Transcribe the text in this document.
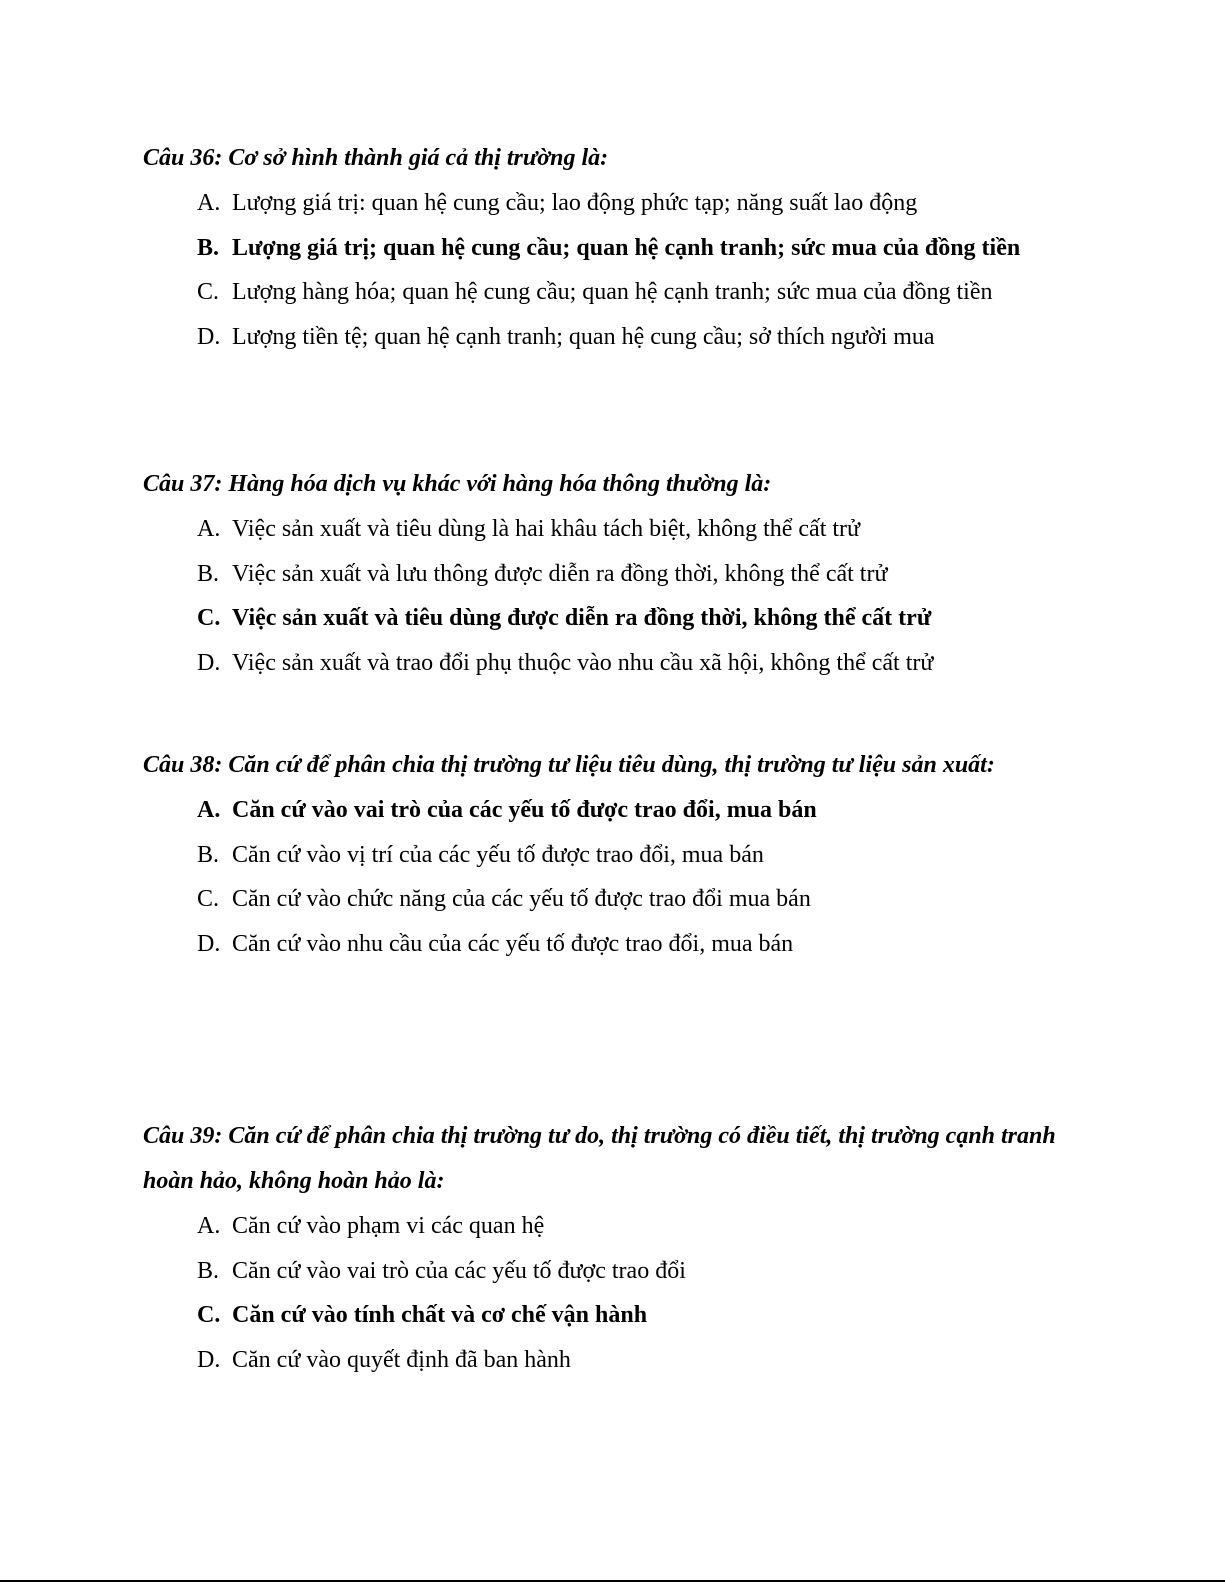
Câu 36: Cơ sở hình thành giá cả thị trường là:

A. Lượng giá trị: quan hệ cung cầu; lao động phức tạp; năng suất lao động
B. Lượng giá trị; quan hệ cung cầu; quan hệ cạnh tranh; sức mua của đồng tiền
C. Lượng hàng hóa; quan hệ cung cầu; quan hệ cạnh tranh; sức mua của đồng tiền
D. Lượng tiền tệ; quan hệ cạnh tranh; quan hệ cung cầu; sở thích người mua

Câu 37: Hàng hóa dịch vụ khác với hàng hóa thông thường là:

A. Việc sản xuất và tiêu dùng là hai khâu tách biệt, không thể cất trử
B. Việc sản xuất và lưu thông được diễn ra đồng thời, không thể cất trử
C. Việc sản xuất và tiêu dùng được diễn ra đồng thời, không thể cất trử
D. Việc sản xuất và trao đổi phụ thuộc vào nhu cầu xã hội, không thể cất trử

Câu 38: Căn cứ để phân chia thị trường tư liệu tiêu dùng, thị trường tư liệu sản xuất:

A. Căn cứ vào vai trò của các yếu tố được trao đổi, mua bán
B. Căn cứ vào vị trí của các yếu tố được trao đổi, mua bán
C. Căn cứ vào chức năng của các yếu tố được trao đổi mua bán
D. Căn cứ vào nhu cầu của các yếu tố được trao đổi, mua bán

Câu 39: Căn cứ để phân chia thị trường tư do, thị trường có điều tiết, thị trường cạnh tranh hoàn hảo, không hoàn hảo là:

A. Căn cứ vào phạm vi các quan hệ
B. Căn cứ vào vai trò của các yếu tố được trao đổi
C. Căn cứ vào tính chất và cơ chế vận hành
D. Căn cứ vào quyết định đã ban hành
